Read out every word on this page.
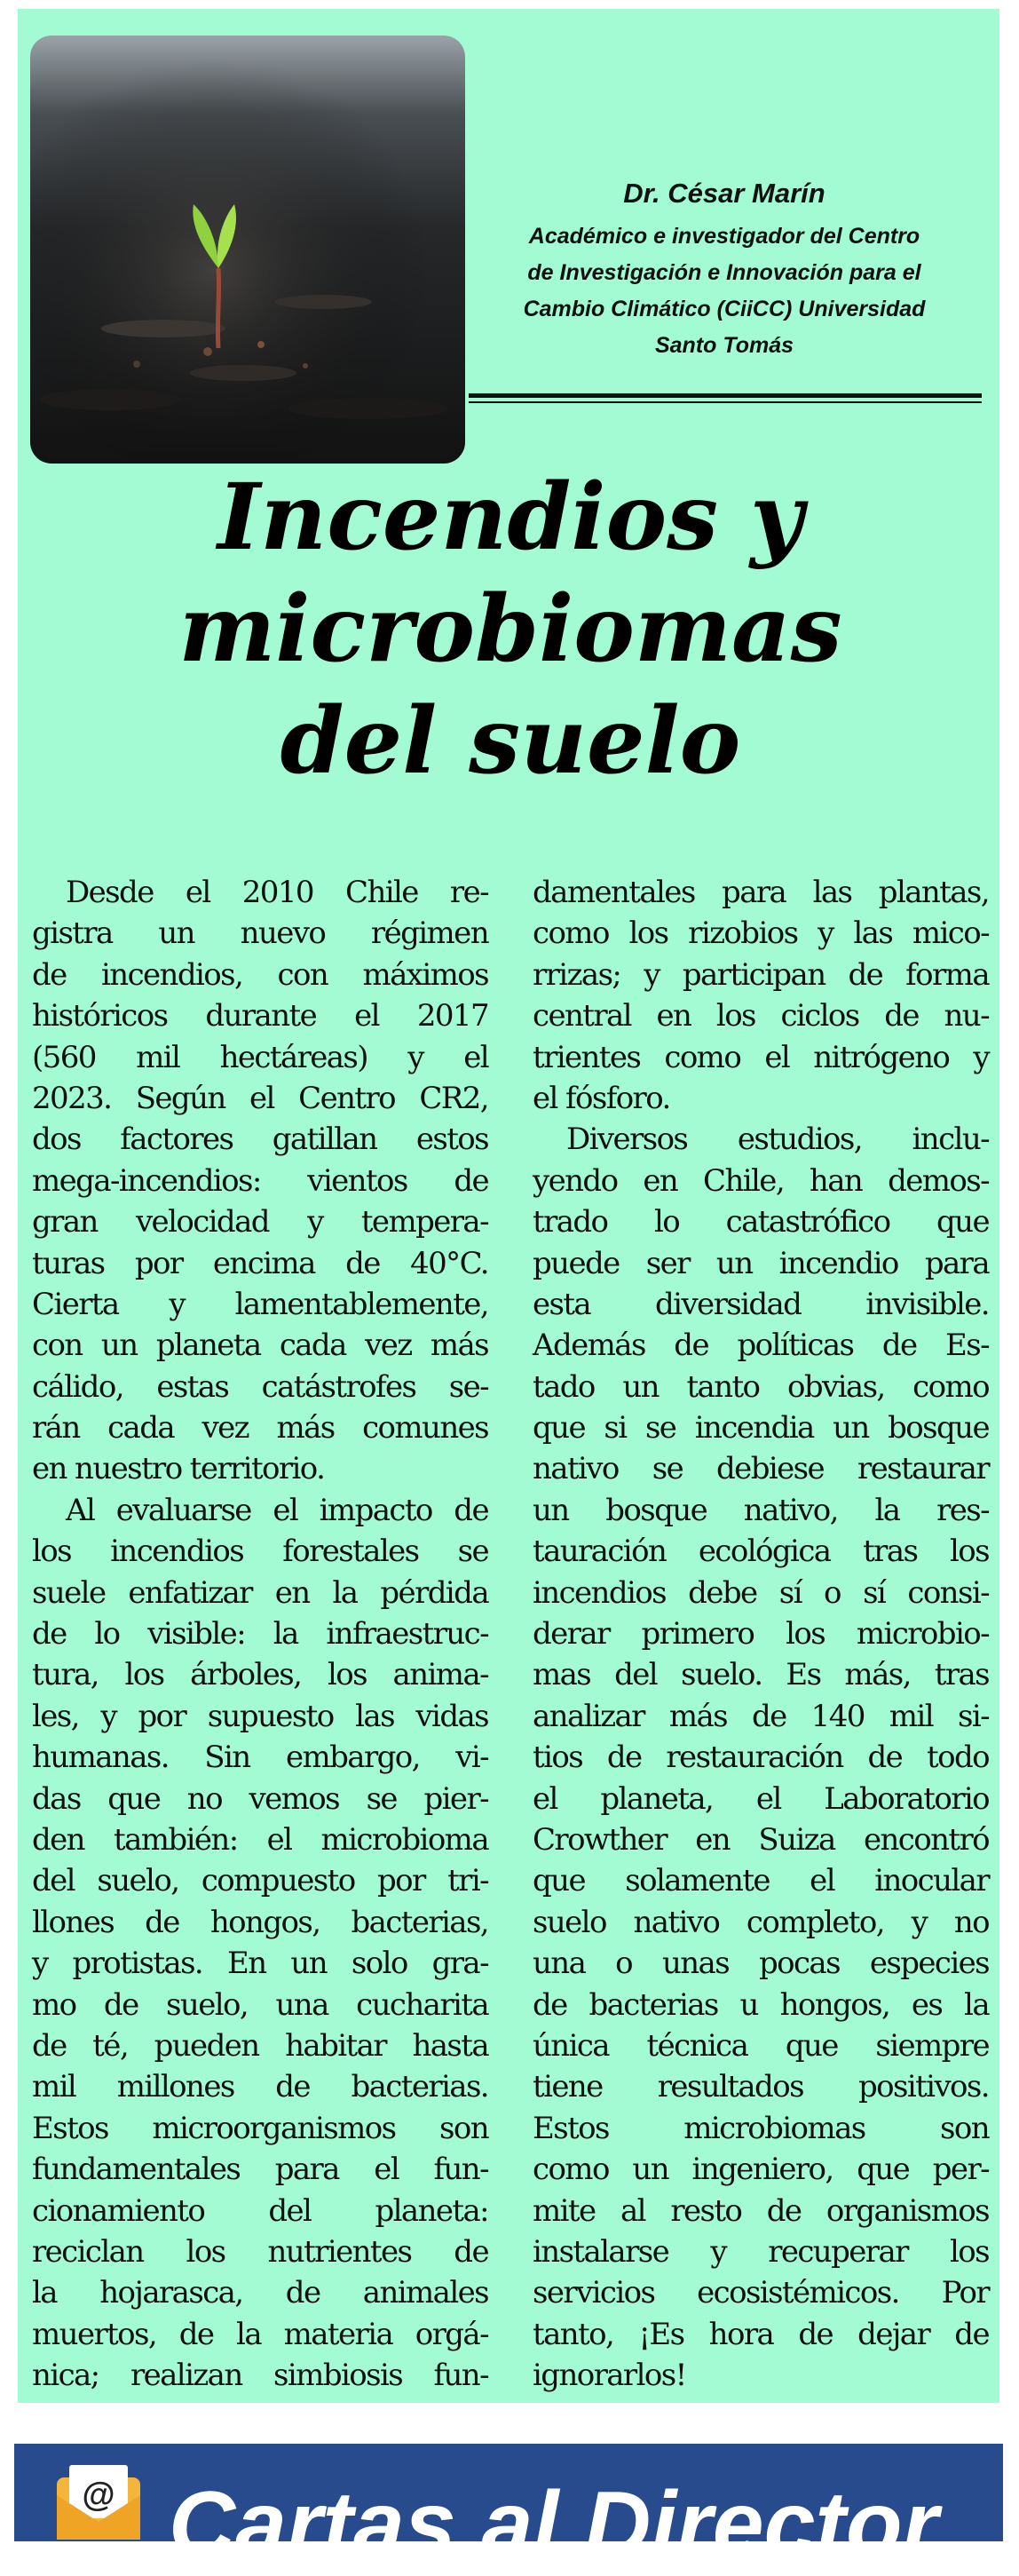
Dr. César Marín
Académico e investigador del Centro
de Investigación e Innovación para el
Cambio Climático (CiiCC) Universidad
Santo Tomás
Incendios y
microbiomas
del suelo
Desde el 2010 Chile re-
gistra un nuevo régimen
de incendios, con máximos
históricos durante el 2017
(560 mil hectáreas) y el
2023. Según el Centro CR2,
dos factores gatillan estos
mega-incendios: vientos de
gran velocidad y tempera-
turas por encima de 40°C.
Cierta y lamentablemente,
con un planeta cada vez más
cálido, estas catástrofes se-
rán cada vez más comunes
en nuestro territorio.
Al evaluarse el impacto de
los incendios forestales se
suele enfatizar en la pérdida
de lo visible: la infraestruc-
tura, los árboles, los anima-
les, y por supuesto las vidas
humanas. Sin embargo, vi-
das que no vemos se pier-
den también: el microbioma
del suelo, compuesto por tri-
llones de hongos, bacterias,
y protistas. En un solo gra-
mo de suelo, una cucharita
de té, pueden habitar hasta
mil millones de bacterias.
Estos microorganismos son
fundamentales para el fun-
cionamiento del planeta:
reciclan los nutrientes de
la hojarasca, de animales
muertos, de la materia orgá-
nica; realizan simbiosis fun-
damentales para las plantas,
como los rizobios y las mico-
rrizas; y participan de forma
central en los ciclos de nu-
trientes como el nitrógeno y
el fósforo.
Diversos estudios, inclu-
yendo en Chile, han demos-
trado lo catastrófico que
puede ser un incendio para
esta diversidad invisible.
Además de políticas de Es-
tado un tanto obvias, como
que si se incendia un bosque
nativo se debiese restaurar
un bosque nativo, la res-
tauración ecológica tras los
incendios debe sí o sí consi-
derar primero los microbio-
mas del suelo. Es más, tras
analizar más de 140 mil si-
tios de restauración de todo
el planeta, el Laboratorio
Crowther en Suiza encontró
que solamente el inocular
suelo nativo completo, y no
una o unas pocas especies
de bacterias u hongos, es la
única técnica que siempre
tiene resultados positivos.
Estos microbiomas son
como un ingeniero, que per-
mite al resto de organismos
instalarse y recuperar los
servicios ecosistémicos. Por
tanto, ¡Es hora de dejar de
ignorarlos!
@ Cartas al Director
